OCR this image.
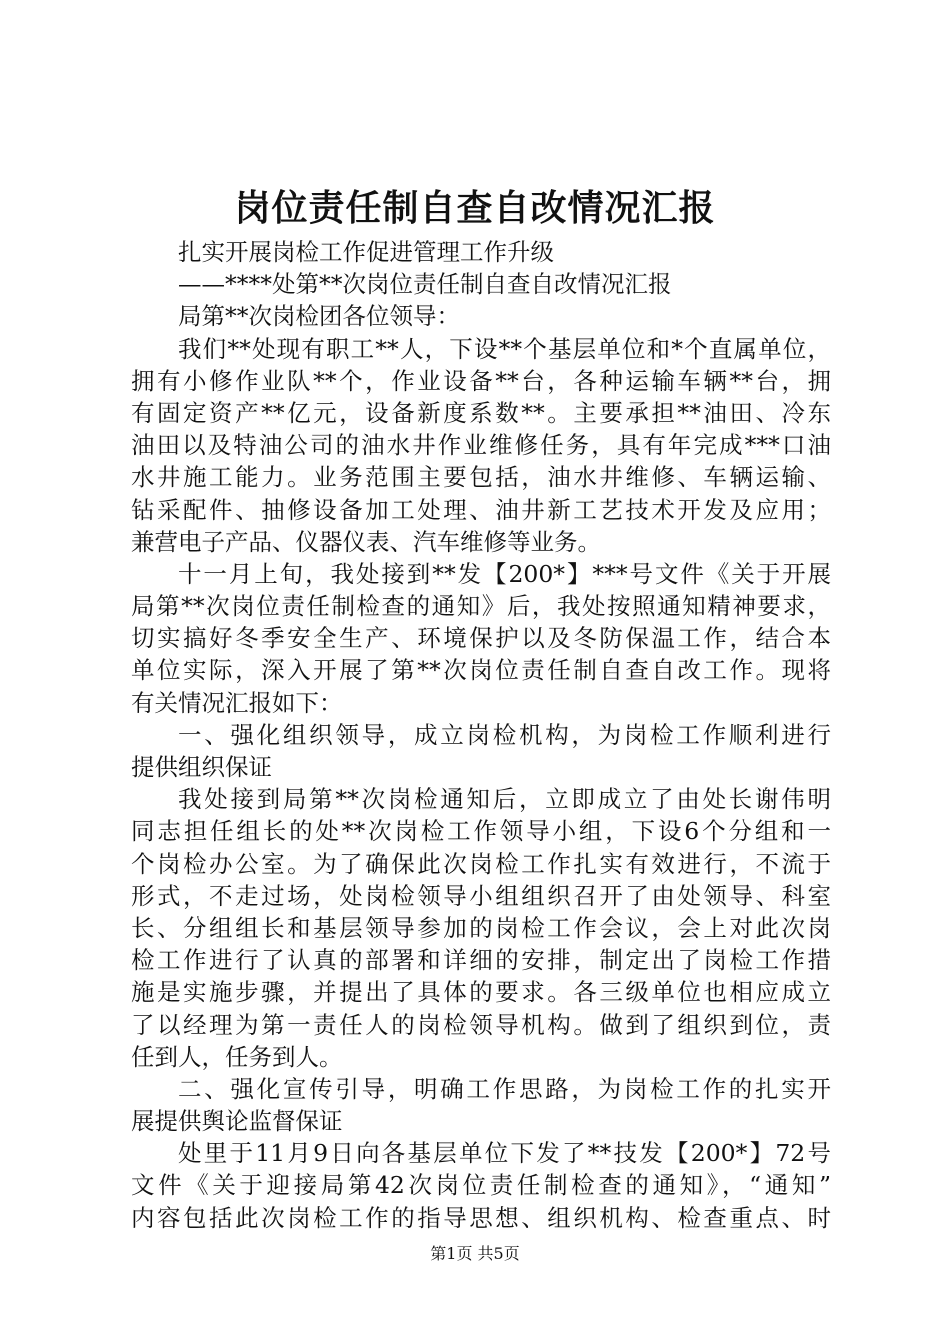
岗位责任制自查自改情况汇报
扎实开展岗检工作促进管理工作升级
——****处第**次岗位责任制自查自改情况汇报
局第**次岗检团各位领导：
我们**处现有职工**人，下设**个基层单位和*个直属单位，
拥有小修作业队**个，作业设备**台，各种运输车辆**台，拥
有固定资产**亿元，设备新度系数**。主要承担**油田、冷东
油田以及特油公司的油水井作业维修任务，具有年完成***口油
水井施工能力。业务范围主要包括，油水井维修、车辆运输、
钻采配件、抽修设备加工处理、油井新工艺技术开发及应用；
兼营电子产品、仪器仪表、汽车维修等业务。
十一月上旬，我处接到**发【200*】***号文件《关于开展
局第**次岗位责任制检查的通知》后，我处按照通知精神要求，
切实搞好冬季安全生产、环境保护以及冬防保温工作，结合本
单位实际，深入开展了第**次岗位责任制自查自改工作。现将
有关情况汇报如下：
一、强化组织领导，成立岗检机构，为岗检工作顺利进行
提供组织保证
我处接到局第**次岗检通知后，立即成立了由处长谢伟明
同志担任组长的处**次岗检工作领导小组，下设6个分组和一
个岗检办公室。为了确保此次岗检工作扎实有效进行，不流于
形式，不走过场，处岗检领导小组组织召开了由处领导、科室
长、分组组长和基层领导参加的岗检工作会议，会上对此次岗
检工作进行了认真的部署和详细的安排，制定出了岗检工作措
施是实施步骤，并提出了具体的要求。各三级单位也相应成立
了以经理为第一责任人的岗检领导机构。做到了组织到位，责
任到人，任务到人。
二、强化宣传引导，明确工作思路，为岗检工作的扎实开
展提供舆论监督保证
处里于11月9日向各基层单位下发了**技发【200*】72号
文件《关于迎接局第42次岗位责任制检查的通知》，“通知”
内容包括此次岗检工作的指导思想、组织机构、检查重点、时
第1页 共5页
